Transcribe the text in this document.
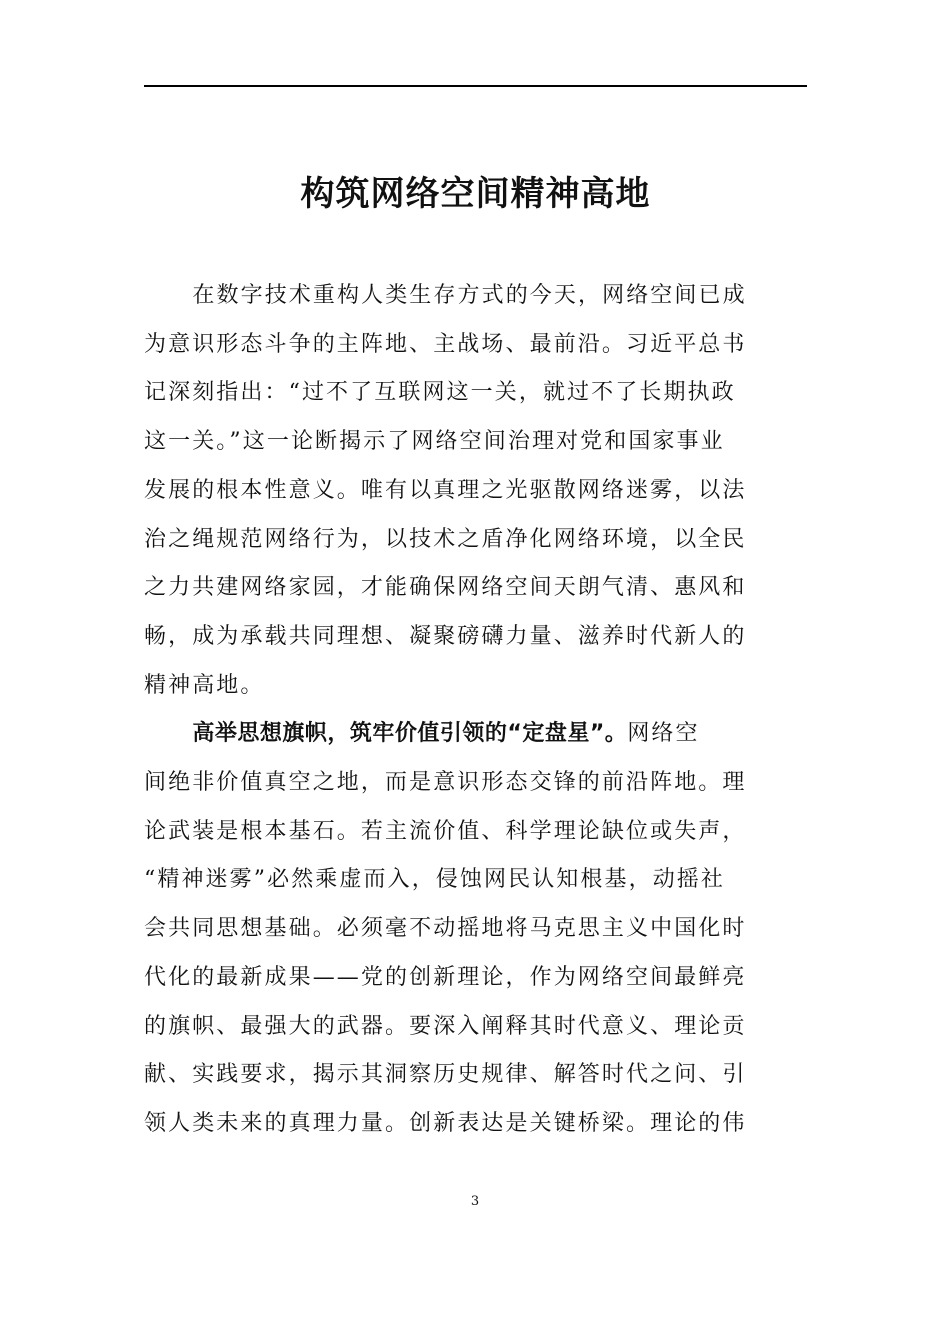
构筑网络空间精神高地

在数字技术重构人类生存方式的今天，网络空间已成
为意识形态斗争的主阵地、主战场、最前沿。习近平总书
记深刻指出：“过不了互联网这一关，就过不了长期执政
这一关。”这一论断揭示了网络空间治理对党和国家事业
发展的根本性意义。唯有以真理之光驱散网络迷雾，以法
治之绳规范网络行为，以技术之盾净化网络环境，以全民
之力共建网络家园，才能确保网络空间天朗气清、惠风和
畅，成为承载共同理想、凝聚磅礴力量、滋养时代新人的
精神高地。

高举思想旗帜，筑牢价值引领的“定盘星”。网络空
间绝非价值真空之地，而是意识形态交锋的前沿阵地。理
论武装是根本基石。若主流价值、科学理论缺位或失声，
“精神迷雾”必然乘虚而入，侵蚀网民认知根基，动摇社
会共同思想基础。必须毫不动摇地将马克思主义中国化时
代化的最新成果——党的创新理论，作为网络空间最鲜亮
的旗帜、最强大的武器。要深入阐释其时代意义、理论贡
献、实践要求，揭示其洞察历史规律、解答时代之问、引
领人类未来的真理力量。创新表达是关键桥梁。理论的伟

3
